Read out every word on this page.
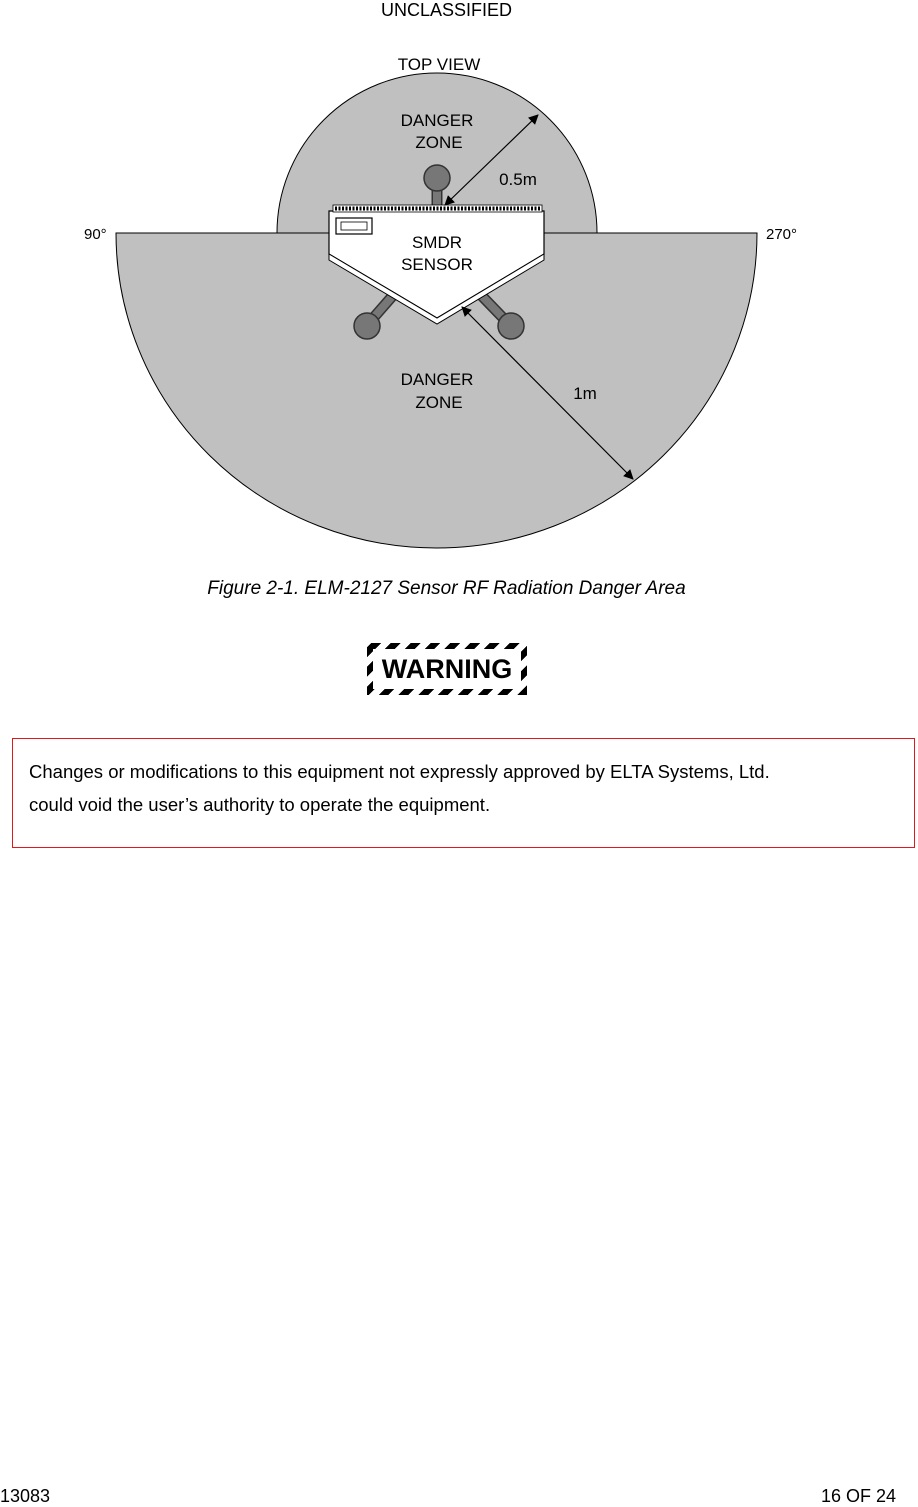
UNCLASSIFIED
TOP VIEW
DANGER
ZONE
0.5m
SMDR
SENSOR
90°	270°
DANGER
ZONE	1m
Figure 2-1. ELM-2127 Sensor RF Radiation Danger Area
WARNING
Changes or modifications to this equipment not expressly approved by ELTA Systems, Ltd.
could void the user’s authority to operate the equipment.
13083	16 OF 24
